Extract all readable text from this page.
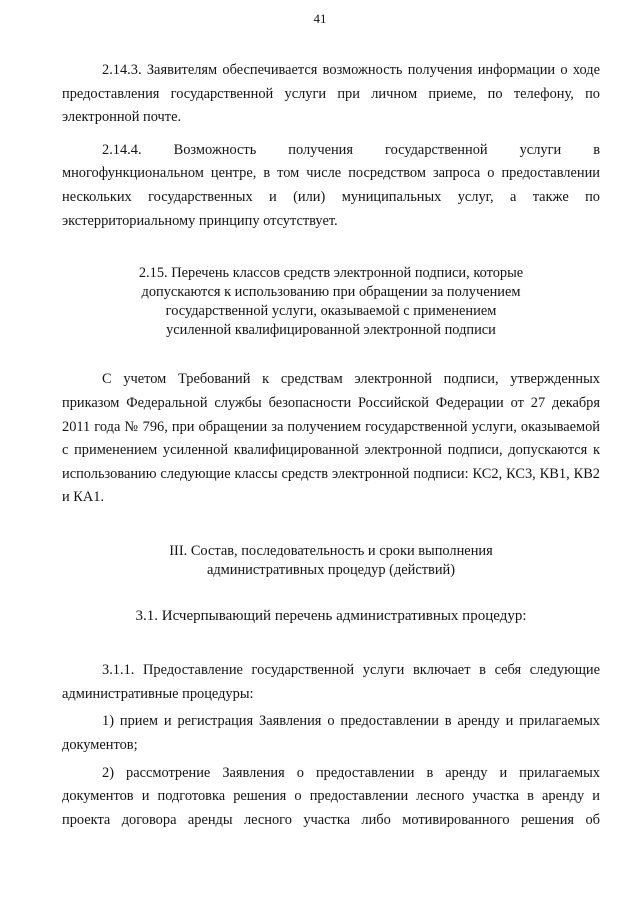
41

2.14.3. Заявителям обеспечивается возможность получения информации о ходе предоставления государственной услуги при личном приеме, по телефону, по электронной почте.

2.14.4. Возможность получения государственной услуги в многофункциональном центре, в том числе посредством запроса о предоставлении нескольких государственных и (или) муниципальных услуг, а также по экстерриториальному принципу отсутствует.

2.15. Перечень классов средств электронной подписи, которые
допускаются к использованию при обращении за получением
государственной услуги, оказываемой с применением
усиленной квалифицированной электронной подписи

С учетом Требований к средствам электронной подписи, утвержденных приказом Федеральной службы безопасности Российской Федерации от 27 декабря 2011 года № 796, при обращении за получением государственной услуги, оказываемой с применением усиленной квалифицированной электронной подписи, допускаются к использованию следующие классы средств электронной подписи: КС2, КС3, КВ1, КВ2 и КА1.

III. Состав, последовательность и сроки выполнения
административных процедур (действий)
3.1. Исчерпывающий перечень административных процедур:

3.1.1. Предоставление государственной услуги включает в себя следующие административные процедуры:

1) прием и регистрация Заявления о предоставлении в аренду и прилагаемых документов;

2) рассмотрение Заявления о предоставлении в аренду и прилагаемых документов и подготовка решения о предоставлении лесного участка в аренду и проекта договора аренды лесного участка либо мотивированного решения об
